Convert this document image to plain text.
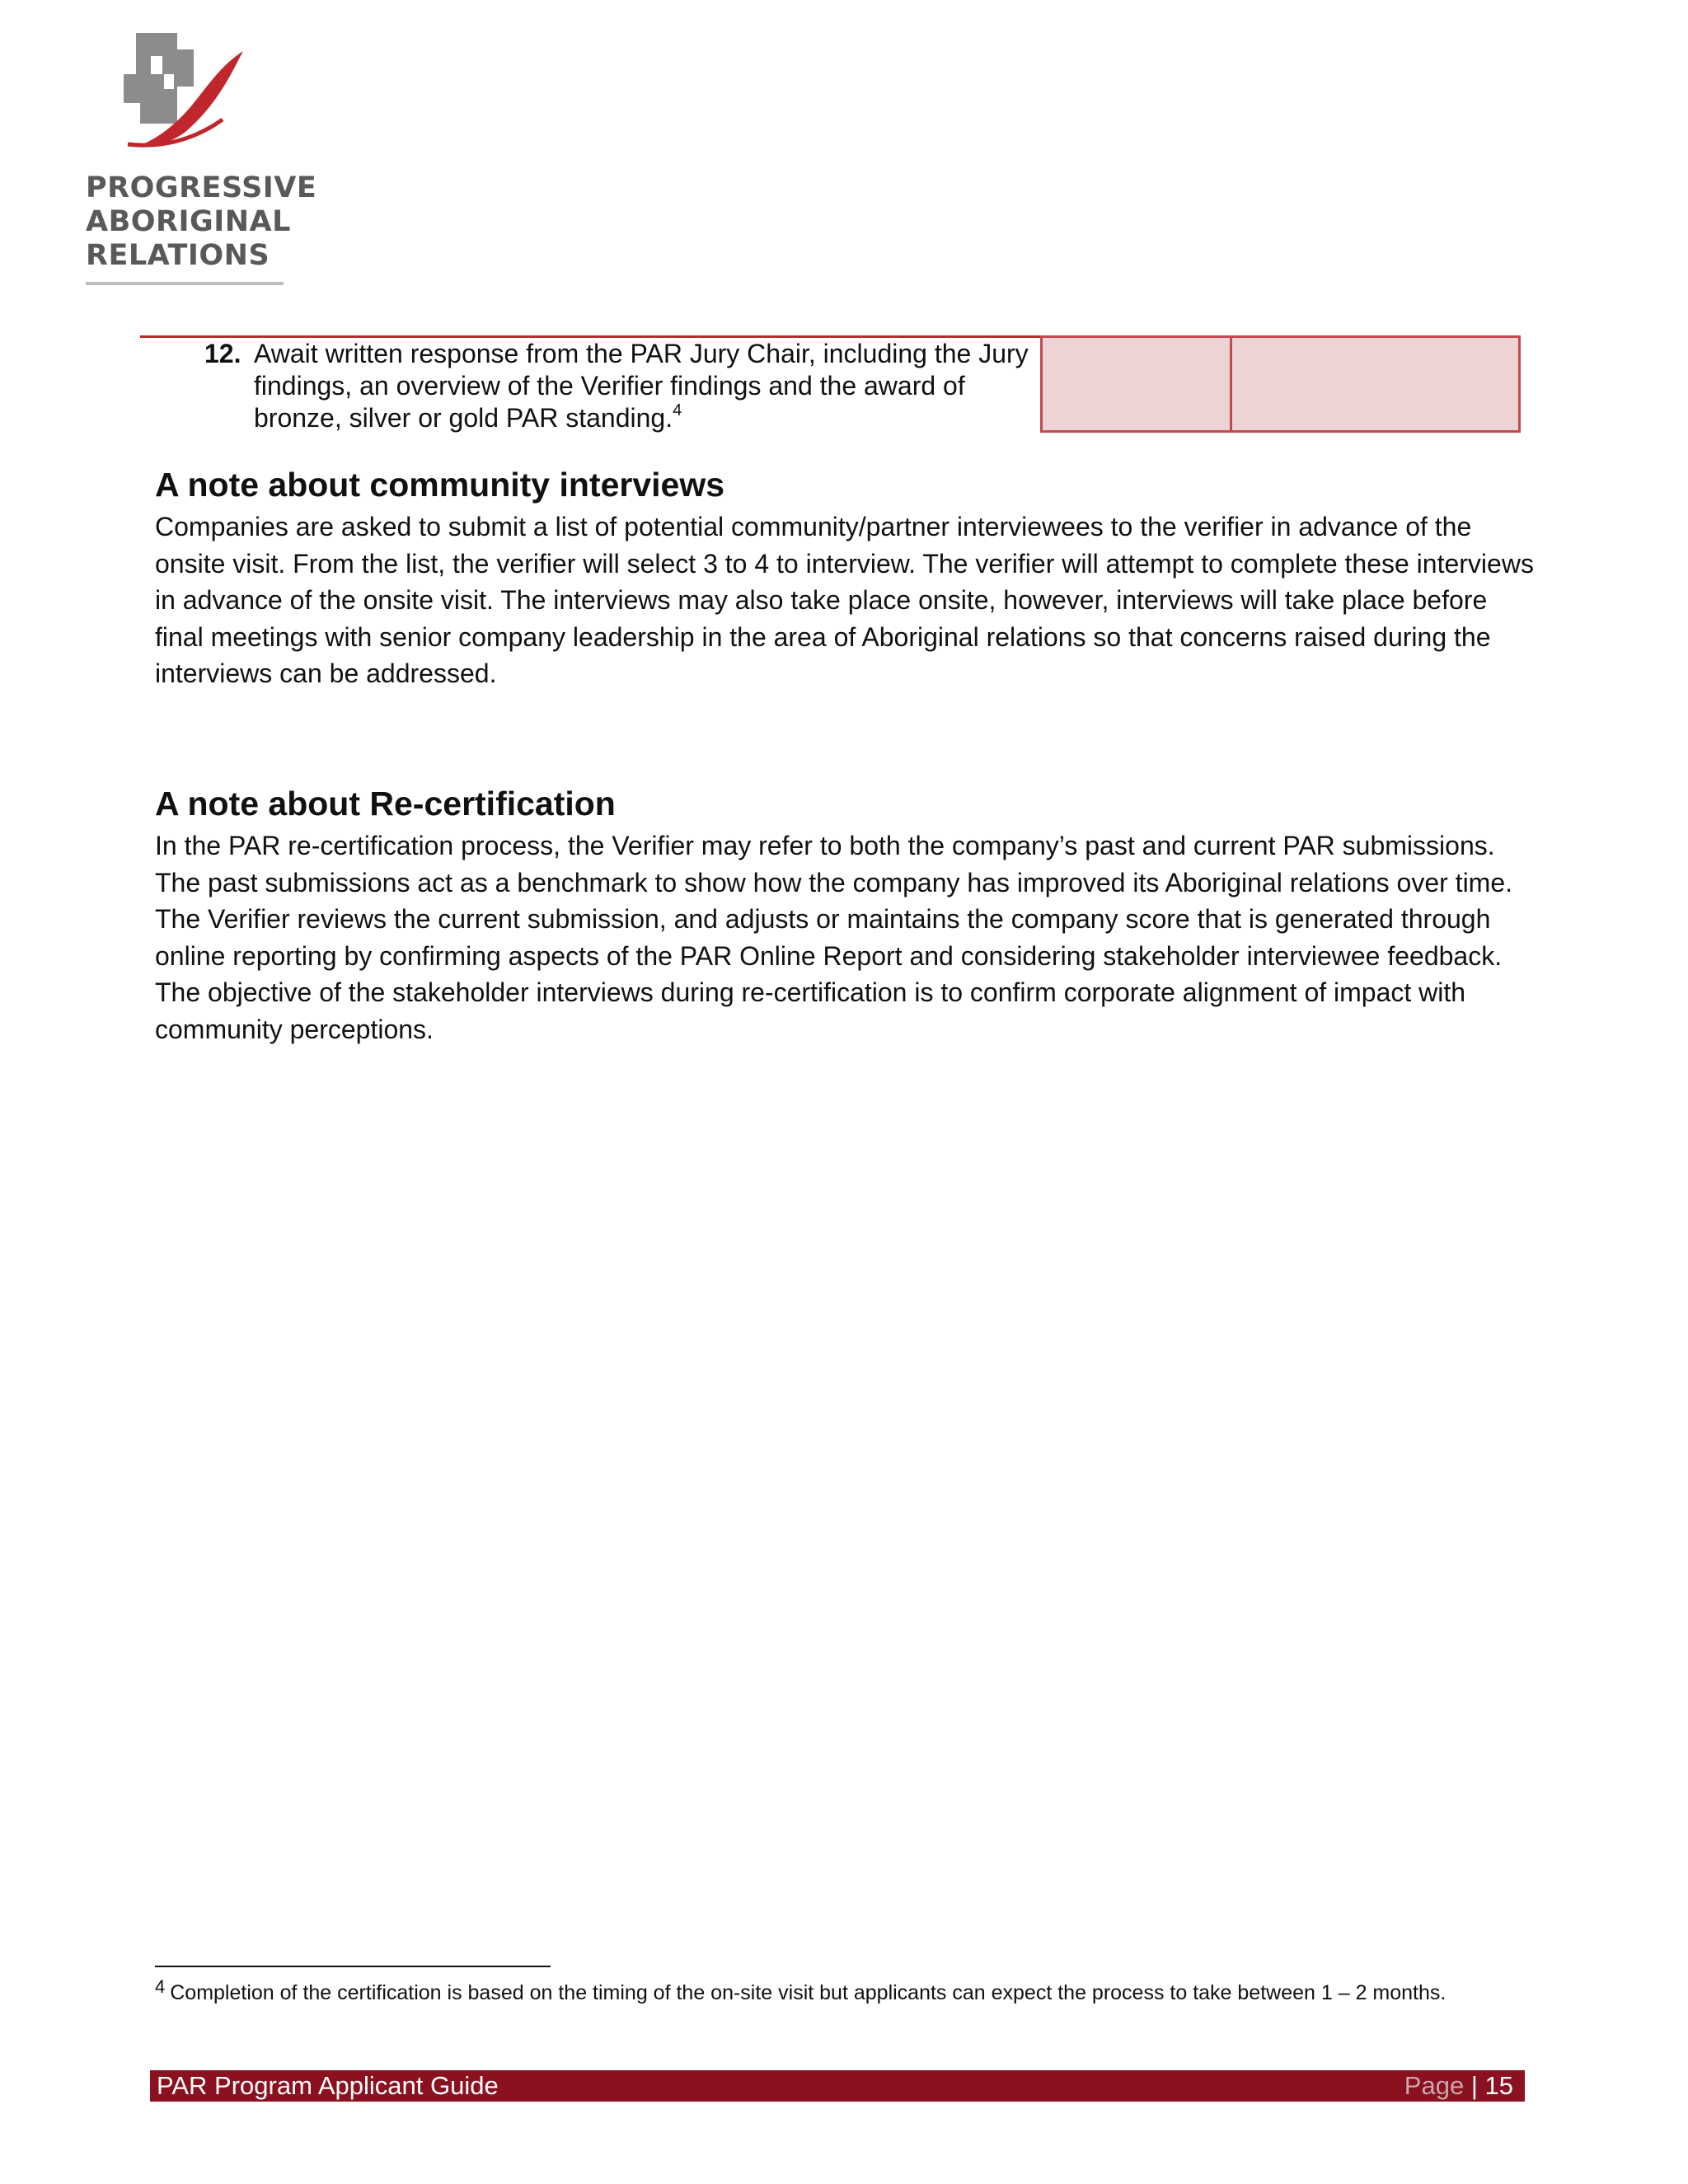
PROGRESSIVE
ABORIGINAL
RELATIONS
12. Await written response from the PAR Jury Chair, including the Jury findings, an overview of the Verifier findings and the award of bronze, silver or gold PAR standing.$^4$
A note about community interviews

Companies are asked to submit a list of potential community/partner interviewees to the verifier in advance of the onsite visit. From the list, the verifier will select 3 to 4 to interview. The verifier will attempt to complete these interviews in advance of the onsite visit. The interviews may also take place onsite, however, interviews will take place before final meetings with senior company leadership in the area of Aboriginal relations so that concerns raised during the interviews can be addressed.

A note about Re-certification

In the PAR re-certification process, the Verifier may refer to both the company’s past and current PAR submissions. The past submissions act as a benchmark to show how the company has improved its Aboriginal relations over time. The Verifier reviews the current submission, and adjusts or maintains the company score that is generated through online reporting by confirming aspects of the PAR Online Report and considering stakeholder interviewee feedback. The objective of the stakeholder interviews during re-certification is to confirm corporate alignment of impact with community perceptions.

$^4$ Completion of the certification is based on the timing of the on-site visit but applicants can expect the process to take between 1 – 2 months.

PAR Program Applicant Guide	Page | 15
